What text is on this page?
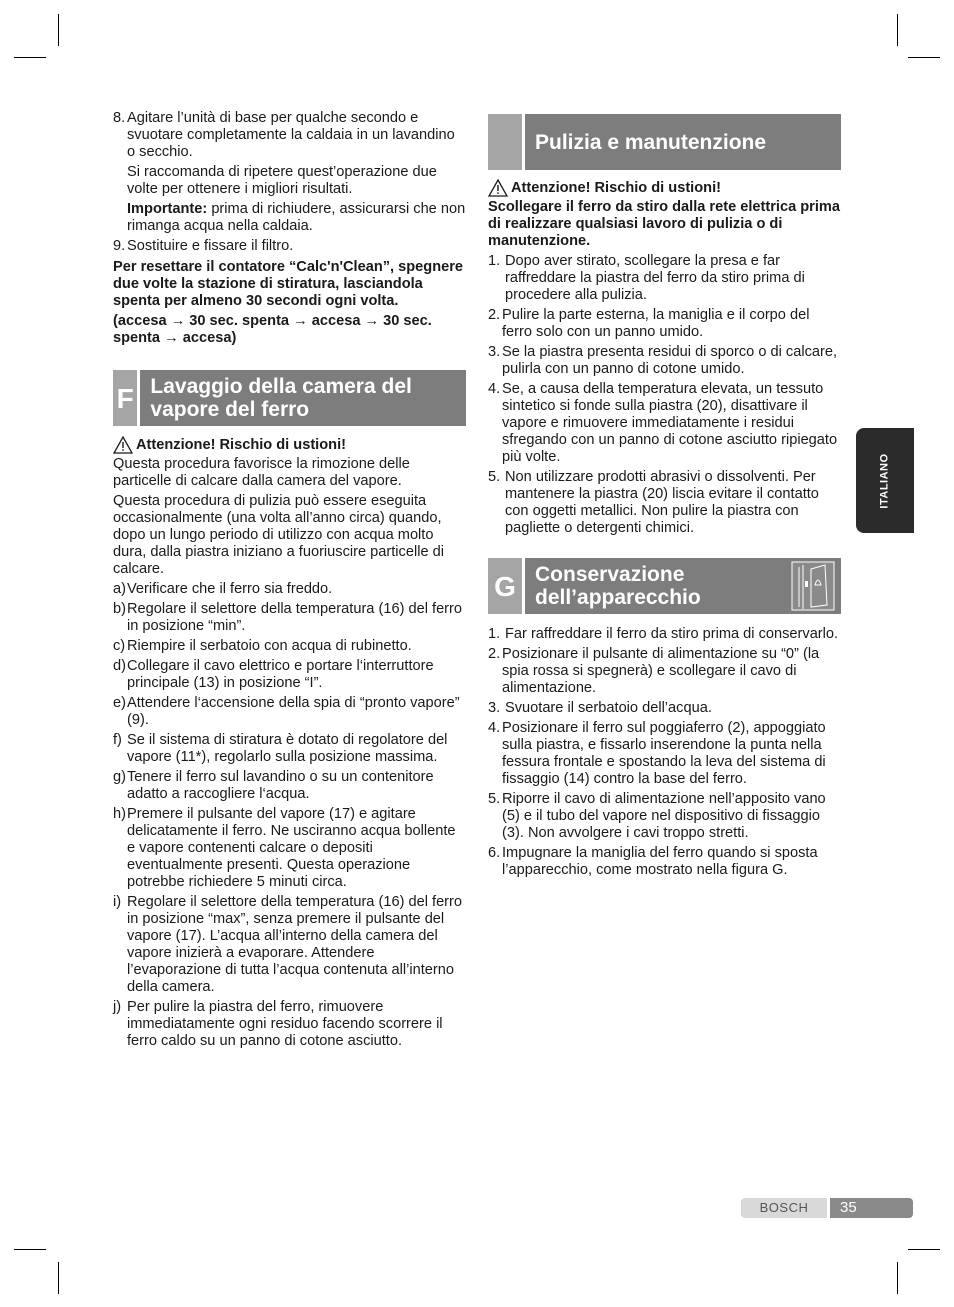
8. Agitare l’unità di base per qualche secondo e svuotare completamente la caldaia in un lavandino o secchio.
Si raccomanda di ripetere quest’operazione due volte per ottenere i migliori risultati.
Importante: prima di richiudere, assicurarsi che non rimanga acqua nella caldaia.
9. Sostituire e fissare il filtro.

Per resettare il contatore “Calc'n'Clean”, spegnere due volte la stazione di stiratura, lasciandola spenta per almeno 30 secondi ogni volta.

(accesa → 30 sec. spenta → accesa → 30 sec. spenta → accesa)

F Lavaggio della camera del vapore del ferro
Attenzione! Rischio di ustioni!

Questa procedura favorisce la rimozione delle particelle di calcare dalla camera del vapore.

Questa procedura di pulizia può essere eseguita occasionalmente (una volta all’anno circa) quando, dopo un lungo periodo di utilizzo con acqua molto dura, dalla piastra iniziano a fuoriuscire particelle di calcare.

a) Verificare che il ferro sia freddo.
b) Regolare il selettore della temperatura (16) del ferro in posizione “min”.
c) Riempire il serbatoio con acqua di rubinetto.
d) Collegare il cavo elettrico e portare l‘interruttore principale (13) in posizione “I”.
e) Attendere l‘accensione della spia di “pronto vapore” (9).
f) Se il sistema di stiratura è dotato di regolatore del vapore (11*), regolarlo sulla posizione massima.
g) Tenere il ferro sul lavandino o su un contenitore adatto a raccogliere l‘acqua.
h) Premere il pulsante del vapore (17) e agitare delicatamente il ferro. Ne usciranno acqua bollente e vapore contenenti calcare o depositi eventualmente presenti. Questa operazione potrebbe richiedere 5 minuti circa.
i) Regolare il selettore della temperatura (16) del ferro in posizione “max”, senza premere il pulsante del vapore (17). L’acqua all’interno della camera del vapore inizierà a evaporare. Attendere l’evaporazione di tutta l’acqua contenuta all’interno della camera.
j) Per pulire la piastra del ferro, rimuovere immediatamente ogni residuo facendo scorrere il ferro caldo su un panno di cotone asciutto.
Pulizia e manutenzione
Attenzione! Rischio di ustioni!

Scollegare il ferro da stiro dalla rete elettrica prima di realizzare qualsiasi lavoro di pulizia o di manutenzione.

1. Dopo aver stirato, scollegare la presa e far raffreddare la piastra del ferro da stiro prima di procedere alla pulizia.
2. Pulire la parte esterna, la maniglia e il corpo del ferro solo con un panno umido.
3. Se la piastra presenta residui di sporco o di calcare, pulirla con un panno di cotone umido.
4. Se, a causa della temperatura elevata, un tessuto sintetico si fonde sulla piastra (20), disattivare il vapore e rimuovere immediatamente i residui sfregando con un panno di cotone asciutto ripiegato più volte.
5. Non utilizzare prodotti abrasivi o dissolventi. Per mantenere la piastra (20) liscia evitare il contatto con oggetti metallici. Non pulire la piastra con pagliette o detergenti chimici.
G Conservazione dell’apparecchio
1. Far raffreddare il ferro da stiro prima di conservarlo.
2. Posizionare il pulsante di alimentazione su “0” (la spia rossa si spegnerà) e scollegare il cavo di alimentazione.
3. Svuotare il serbatoio dell’acqua.
4. Posizionare il ferro sul poggiaferro (2), appoggiato sulla piastra, e fissarlo inserendone la punta nella fessura frontale e spostando la leva del sistema di fissaggio (14) contro la base del ferro.
5. Riporre il cavo di alimentazione nell’apposito vano (5) e il tubo del vapore nel dispositivo di fissaggio (3). Non avvolgere i cavi troppo stretti.
6. Impugnare la maniglia del ferro quando si sposta l’apparecchio, come mostrato nella figura G.
ITALIANO
BOSCH	35
